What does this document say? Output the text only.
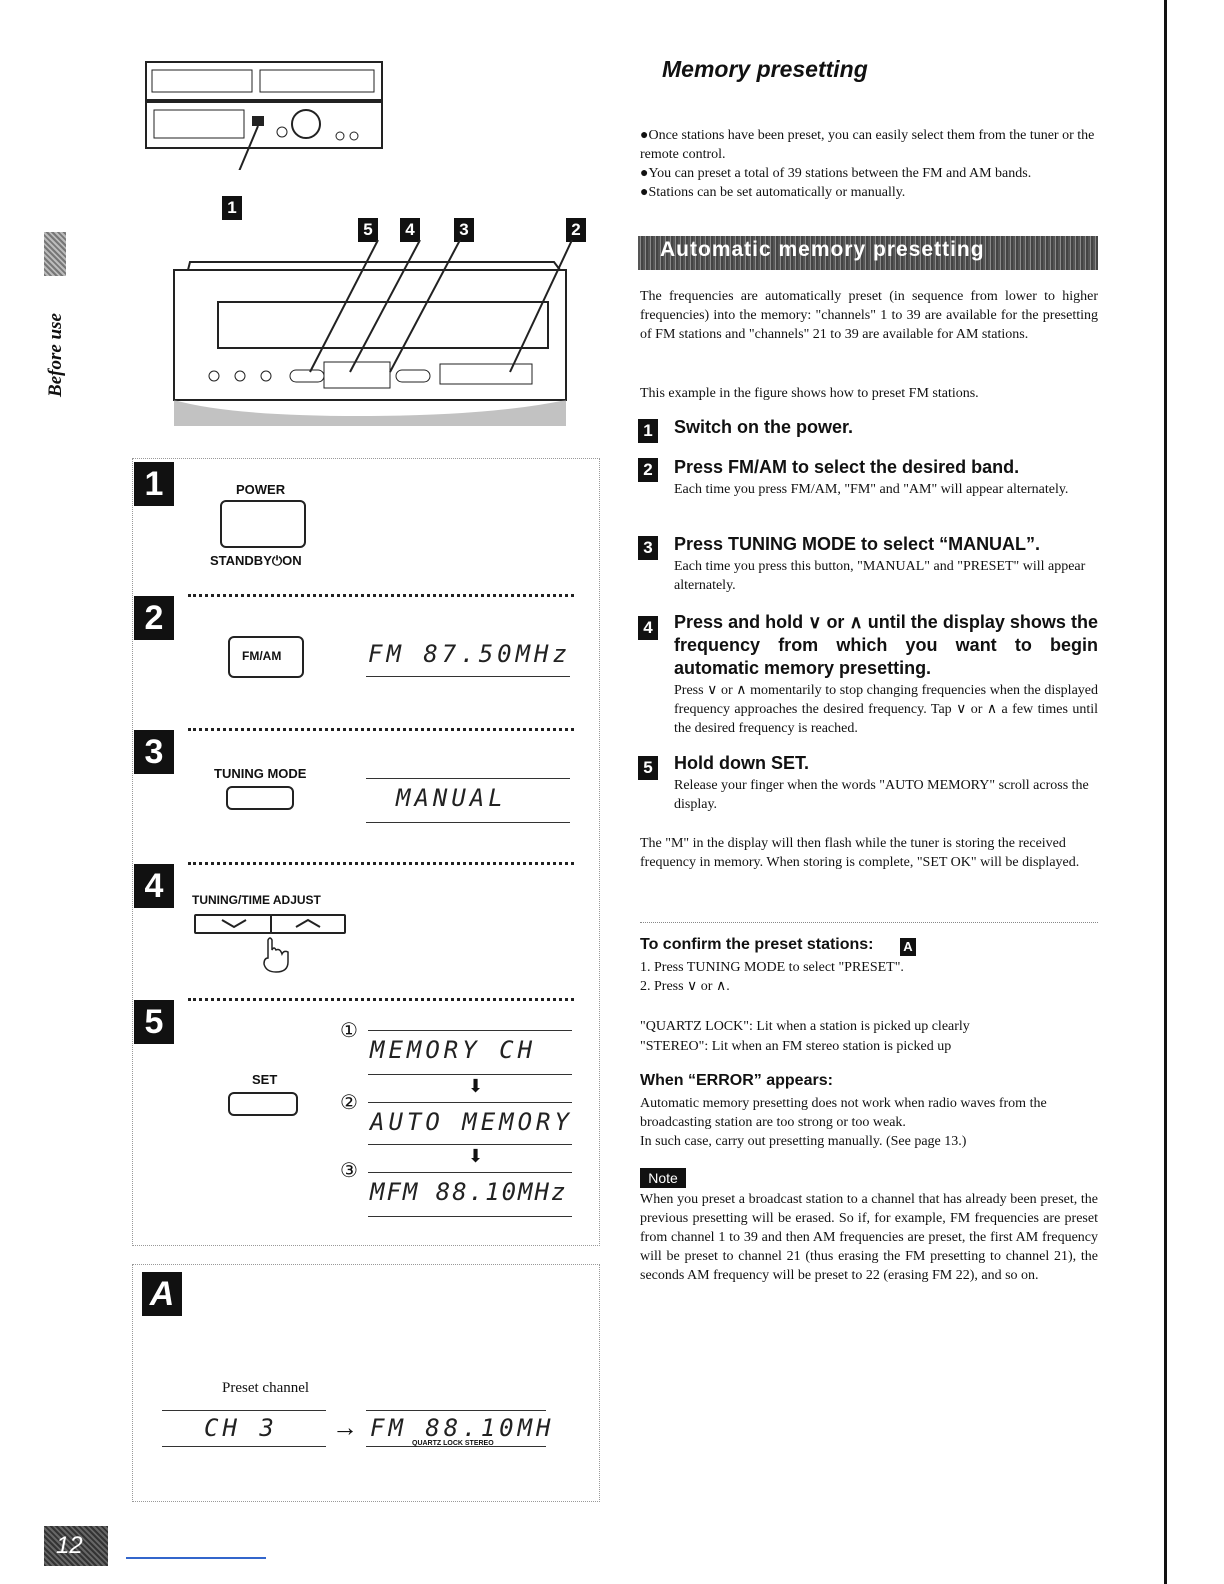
Before use
1
5	4	3	2
1	POWER
STANDBY⏻ON
2
FM/AM	FM 87.50MHz
3
TUNING MODE
MANUAL
4	TUNING/TIME ADJUST
5
SET
①
②
③
MEMORY CH
⬇
AUTO MEMORY
⬇
MFM 88.10MHz
A
Preset channel
CH 3 → FM 88.10MH
QUARTZ LOCK STEREO
12
Memory presetting
●Once stations have been preset, you can easily select them from the tuner or the remote control.
●You can preset a total of 39 stations between the FM and AM bands.
●Stations can be set automatically or manually.
Automatic memory presetting
The frequencies are automatically preset (in sequence from lower to higher frequencies) into the memory: "channels" 1 to 39 are available for the presetting of FM stations and "channels" 21 to 39 are available for AM stations.
This example in the figure shows how to preset FM stations.
1 Switch on the power.
2 Press FM/AM to select the desired band.
Each time you press FM/AM, "FM" and "AM" will appear alternately.
3 Press TUNING MODE to select “MANUAL”.
Each time you press this button, "MANUAL" and "PRESET" will appear alternately.
4 Press and hold ∨ or ∧ until the display shows the frequency from which you want to begin automatic memory presetting.
Press ∨ or ∧ momentarily to stop changing frequencies when the displayed frequency approaches the desired frequency. Tap ∨ or ∧ a few times until the desired frequency is reached.
5 Hold down SET.
Release your finger when the words "AUTO MEMORY" scroll across the display.
The "M" in the display will then flash while the tuner is storing the received frequency in memory. When storing is complete, "SET OK" will be displayed.
To confirm the preset stations: A
1. Press TUNING MODE to select "PRESET".
2. Press ∨ or ∧.
"QUARTZ LOCK": Lit when a station is picked up clearly
"STEREO": Lit when an FM stereo station is picked up
When “ERROR” appears:
Automatic memory presetting does not work when radio waves from the broadcasting station are too strong or too weak.
In such case, carry out presetting manually. (See page 13.)
Note
When you preset a broadcast station to a channel that has already been preset, the previous presetting will be erased. So if, for example, FM frequencies are preset from channel 1 to 39 and then AM frequencies are preset, the first AM frequency will be preset to channel 21 (thus erasing the FM presetting to channel 21), the seconds AM frequency will be preset to 22 (erasing FM 22), and so on.
